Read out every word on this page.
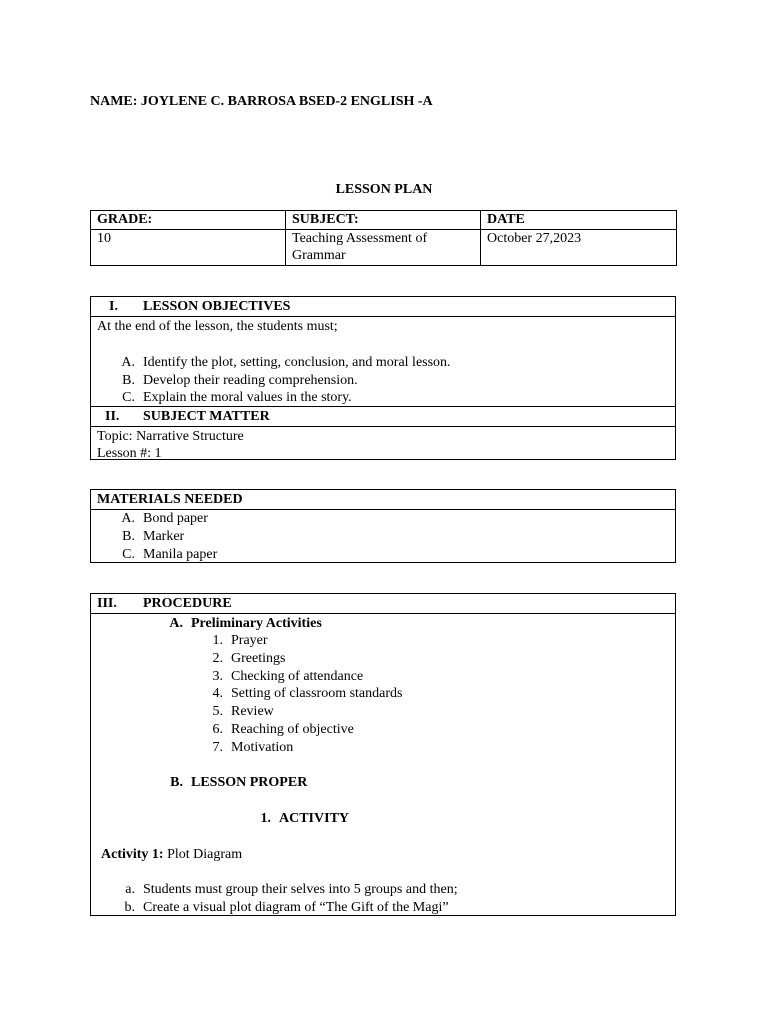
NAME: JOYLENE C. BARROSA BSED-2 ENGLISH -A
LESSON PLAN
GRADE:	SUBJECT:	DATE
10	Teaching Assessment of Grammar	October 27,2023
I. LESSON OBJECTIVES
At the end of the lesson, the students must;
A. Identify the plot, setting, conclusion, and moral lesson.
B. Develop their reading comprehension.
C. Explain the moral values in the story.
II. SUBJECT MATTER
Topic: Narrative Structure
Lesson #: 1
MATERIALS NEEDED
A. Bond paper
B. Marker
C. Manila paper
III. PROCEDURE
A. Preliminary Activities
1. Prayer
2. Greetings
3. Checking of attendance
4. Setting of classroom standards
5. Review
6. Reaching of objective
7. Motivation
B. LESSON PROPER
1. ACTIVITY
Activity 1: Plot Diagram
a. Students must group their selves into 5 groups and then;
b. Create a visual plot diagram of “The Gift of the Magi”
